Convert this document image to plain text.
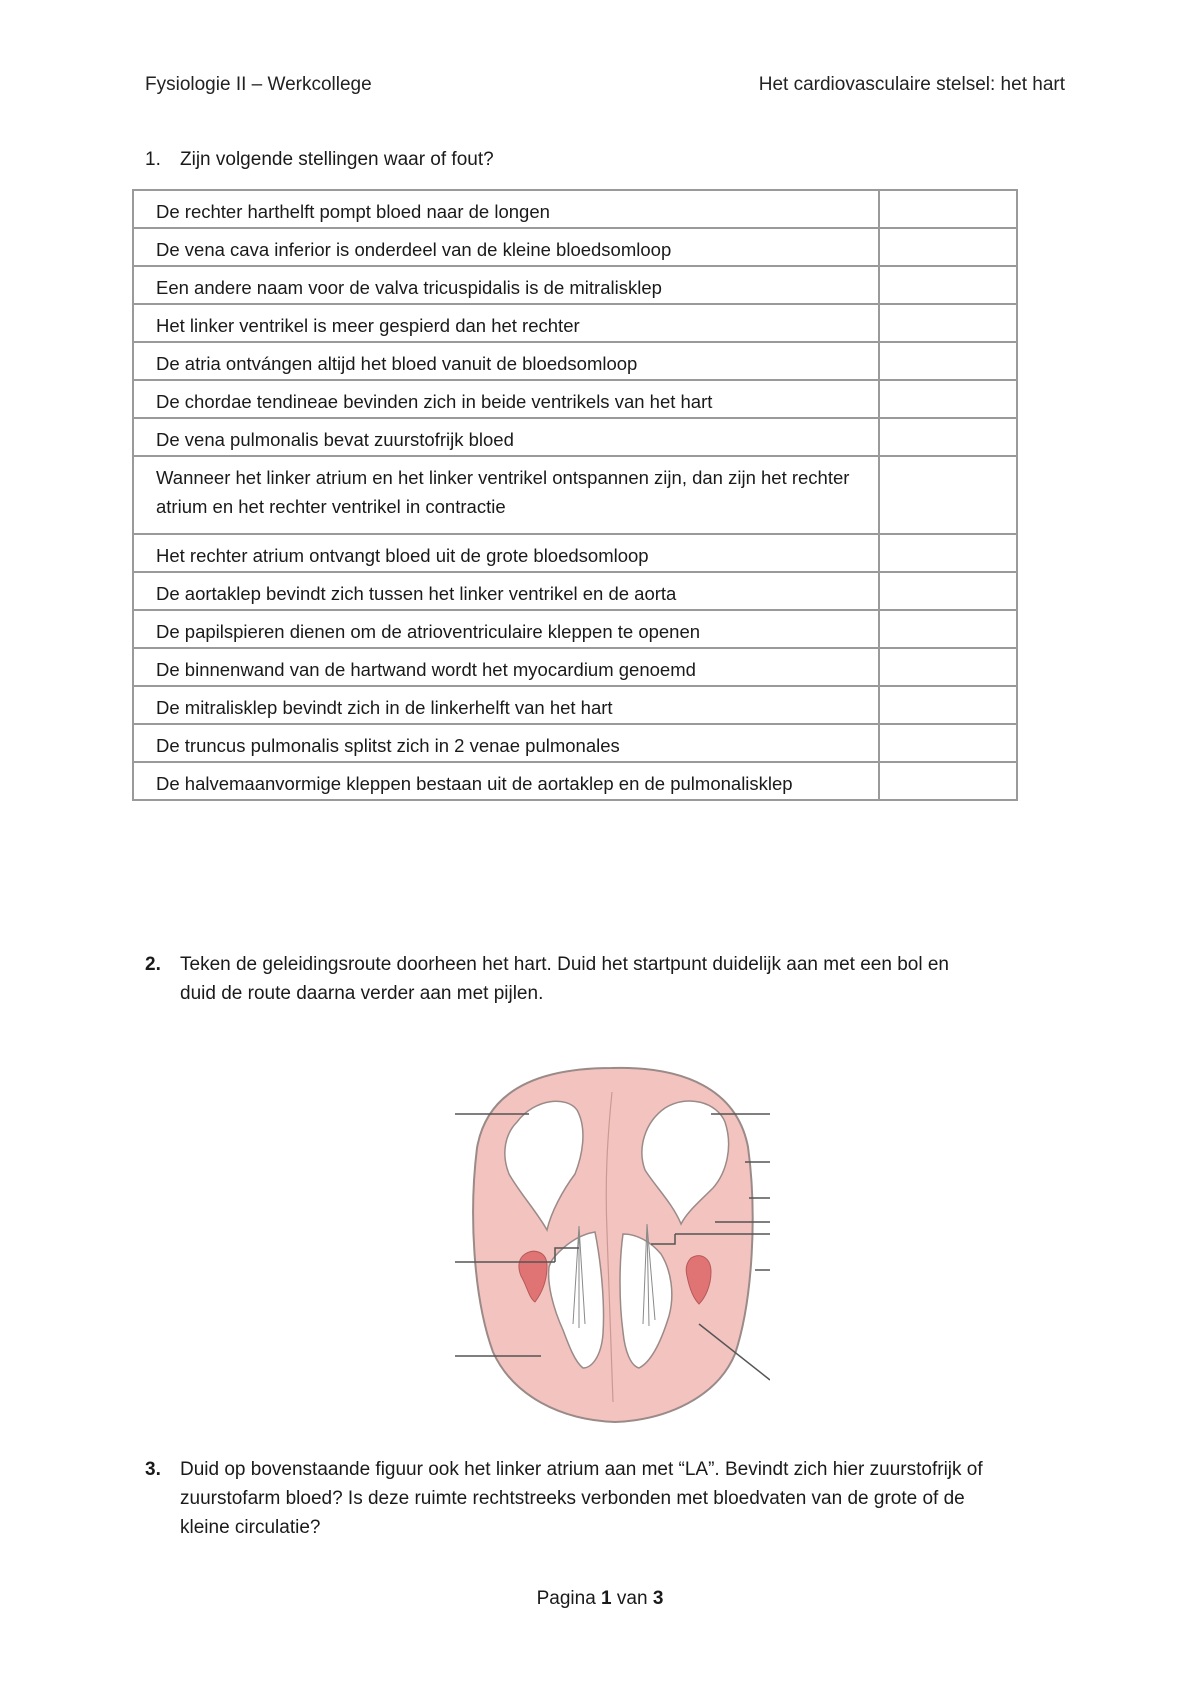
Fysiologie II – Werkcollege	Het cardiovasculaire stelsel: het hart
1.	Zijn volgende stellingen waar of fout?
De rechter harthelft pompt bloed naar de longen	
De vena cava inferior is onderdeel van de kleine bloedsomloop	
Een andere naam voor de valva tricuspidalis is de mitralisklep	
Het linker ventrikel is meer gespierd dan het rechter	
De atria ontvángen altijd het bloed vanuit de bloedsomloop	
De chordae tendineae bevinden zich in beide ventrikels van het hart	
De vena pulmonalis bevat zuurstofrijk bloed	
Wanneer het linker atrium en het linker ventrikel ontspannen zijn, dan zijn het rechter atrium en het rechter ventrikel in contractie	
Het rechter atrium ontvangt bloed uit de grote bloedsomloop	
De aortaklep bevindt zich tussen het linker ventrikel en de aorta	
De papilspieren dienen om de atrioventriculaire kleppen te openen	
De binnenwand van de hartwand wordt het myocardium genoemd	
De mitralisklep bevindt zich in de linkerhelft van het hart	
De truncus pulmonalis splitst zich in 2 venae pulmonales	
De halvemaanvormige kleppen bestaan uit de aortaklep en de pulmonalisklep	
2.	Teken de geleidingsroute doorheen het hart. Duid het startpunt duidelijk aan met een bol en
duid de route daarna verder aan met pijlen.
3.	Duid op bovenstaande figuur ook het linker atrium aan met “LA”. Bevindt zich hier zuurstofrijk of
zuurstofarm bloed? Is deze ruimte rechtstreeks verbonden met bloedvaten van de grote of de
kleine circulatie?
Pagina 1 van 3
